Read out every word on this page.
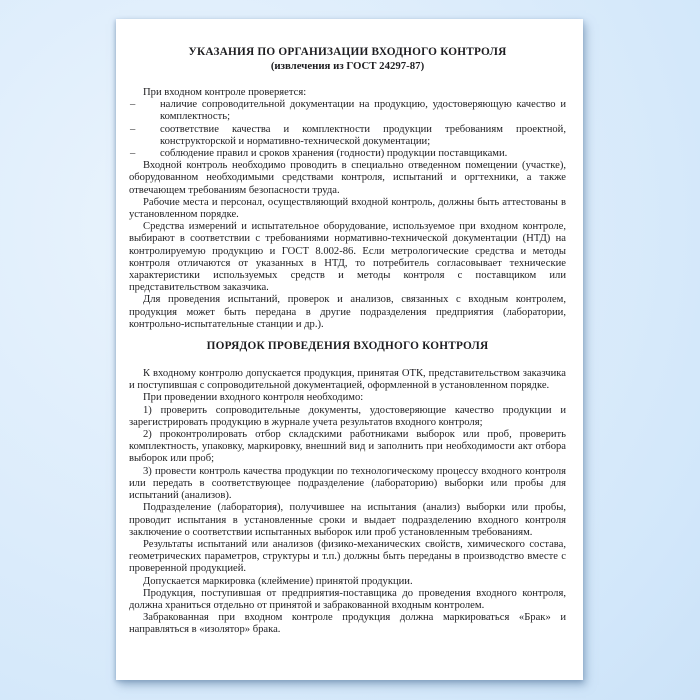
УКАЗАНИЯ ПО ОРГАНИЗАЦИИ ВХОДНОГО КОНТРОЛЯ
(извлечения из ГОСТ 24297-87)

При входном контроле проверяется:

– наличие сопроводительной документации на продукцию, удостоверяющую качество и комплектность;
– соответствие качества и комплектности продукции требованиям проектной, конструкторской и нормативно-технической документации;
– соблюдение правил и сроков хранения (годности) продукции поставщиками.

Входной контроль необходимо проводить в специально отведенном помещении (участке), оборудованном необходимыми средствами контроля, испытаний и оргтехники, а также отвечающем требованиям безопасности труда.

Рабочие места и персонал, осуществляющий входной контроль, должны быть аттестованы в установленном порядке.

Средства измерений и испытательное оборудование, используемое при входном контроле, выбирают в соответствии с требованиями нормативно-технической документации (НТД) на контролируемую продукцию и ГОСТ 8.002-86. Если метрологические средства и методы контроля отличаются от указанных в НТД, то потребитель согласовывает технические характеристики используемых средств и методы контроля с поставщиком или представительством заказчика.

Для проведения испытаний, проверок и анализов, связанных с входным контролем, продукция может быть передана в другие подразделения предприятия (лаборатории, контрольно-испытательные станции и др.).

ПОРЯДОК ПРОВЕДЕНИЯ ВХОДНОГО КОНТРОЛЯ

К входному контролю допускается продукция, принятая ОТК, представительством заказчика и поступившая с сопроводительной документацией, оформленной в установленном порядке.

При проведении входного контроля необходимо:

1) проверить сопроводительные документы, удостоверяющие качество продукции и зарегистрировать продукцию в журнале учета результатов входного контроля;

2) проконтролировать отбор складскими работниками выборок или проб, проверить комплектность, упаковку, маркировку, внешний вид и заполнить при необходимости акт отбора выборок или проб;

3) провести контроль качества продукции по технологическому процессу входного контроля или передать в соответствующее подразделение (лабораторию) выборки или пробы для испытаний (анализов).

Подразделение (лаборатория), получившее на испытания (анализ) выборки или пробы, проводит испытания в установленные сроки и выдает подразделению входного контроля заключение о соответствии испытанных выборок или проб установленным требованиям.

Результаты испытаний или анализов (физико-механических свойств, химического состава, геометрических параметров, структуры и т.п.) должны быть переданы в производство вместе с проверенной продукцией.

Допускается маркировка (клеймение) принятой продукции.

Продукция, поступившая от предприятия-поставщика до проведения входного контроля, должна храниться отдельно от принятой и забракованной входным контролем.

Забракованная при входном контроле продукция должна маркироваться «Брак» и направляться в «изолятор» брака.
